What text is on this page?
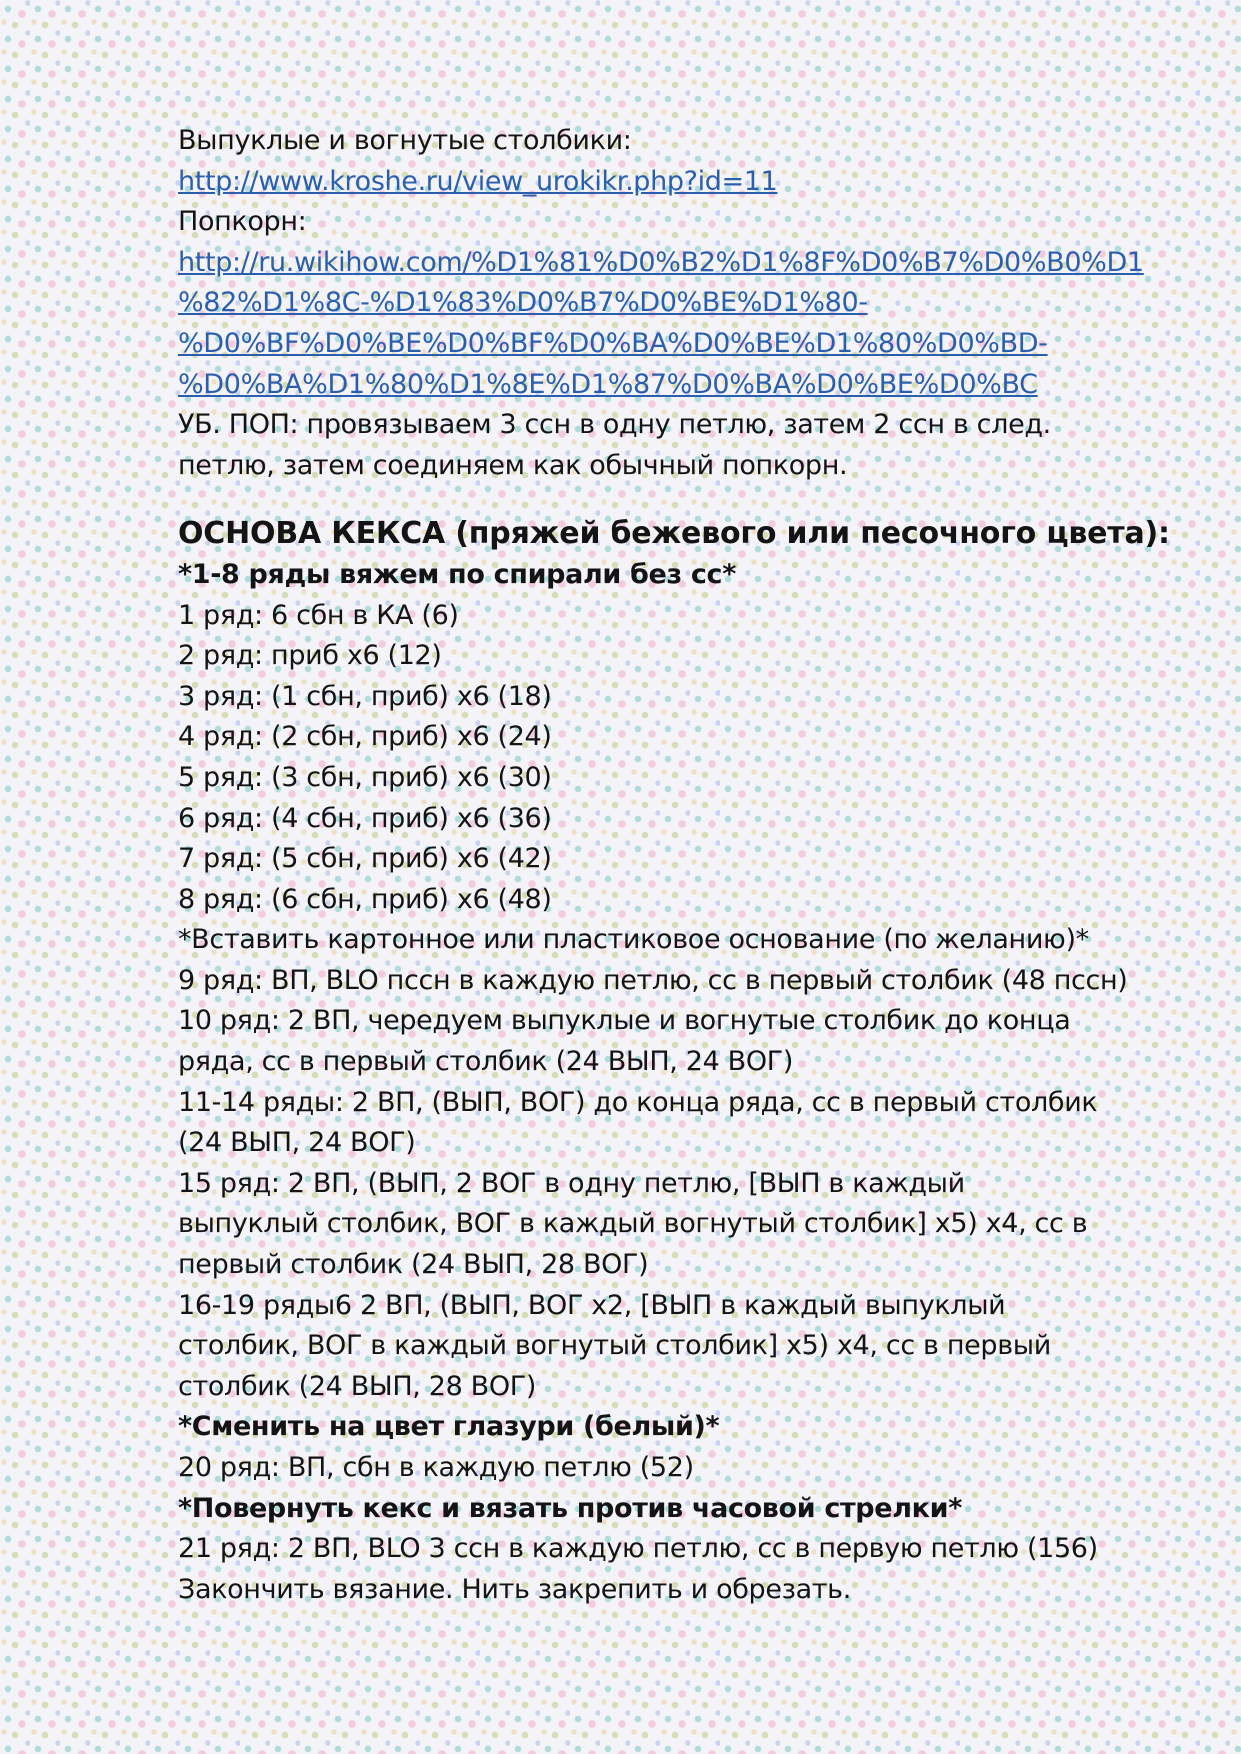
Выпуклые и вогнутые столбики:
http://www.kroshe.ru/view_urokikr.php?id=11
Попкорн:
http://ru.wikihow.com/%D1%81%D0%B2%D1%8F%D0%B7%D0%B0%D1
%82%D1%8C-%D1%83%D0%B7%D0%BE%D1%80-
%D0%BF%D0%BE%D0%BF%D0%BA%D0%BE%D1%80%D0%BD-
%D0%BA%D1%80%D1%8E%D1%87%D0%BA%D0%BE%D0%BC
УБ. ПОП: провязываем 3 ссн в одну петлю, затем 2 ссн в след.
петлю, затем соединяем как обычный попкорн.
ОСНОВА КЕКСА (пряжей бежевого или песочного цвета):
*1-8 ряды вяжем по спирали без сс*
1 ряд: 6 сбн в КА (6)
2 ряд: приб х6 (12)
3 ряд: (1 сбн, приб) х6 (18)
4 ряд: (2 сбн, приб) х6 (24)
5 ряд: (3 сбн, приб) х6 (30)
6 ряд: (4 сбн, приб) х6 (36)
7 ряд: (5 сбн, приб) х6 (42)
8 ряд: (6 сбн, приб) х6 (48)
*Вставить картонное или пластиковое основание (по желанию)*
9 ряд: ВП, BLO пссн в каждую петлю, сс в первый столбик (48 пссн)
10 ряд: 2 ВП, чередуем выпуклые и вогнутые столбик до конца
ряда, сс в первый столбик (24 ВЫП, 24 ВОГ)
11-14 ряды: 2 ВП, (ВЫП, ВОГ) до конца ряда, сс в первый столбик
(24 ВЫП, 24 ВОГ)
15 ряд: 2 ВП, (ВЫП, 2 ВОГ в одну петлю, [ВЫП в каждый
выпуклый столбик, ВОГ в каждый вогнутый столбик] х5) х4, сс в
первый столбик (24 ВЫП, 28 ВОГ)
16-19 ряды6 2 ВП, (ВЫП, ВОГ х2, [ВЫП в каждый выпуклый
столбик, ВОГ в каждый вогнутый столбик] х5) х4, сс в первый
столбик (24 ВЫП, 28 ВОГ)
*Сменить на цвет глазури (белый)*
20 ряд: ВП, сбн в каждую петлю (52)
*Повернуть кекс и вязать против часовой стрелки*
21 ряд: 2 ВП, BLO 3 ссн в каждую петлю, сс в первую петлю (156)
Закончить вязание. Нить закрепить и обрезать.
